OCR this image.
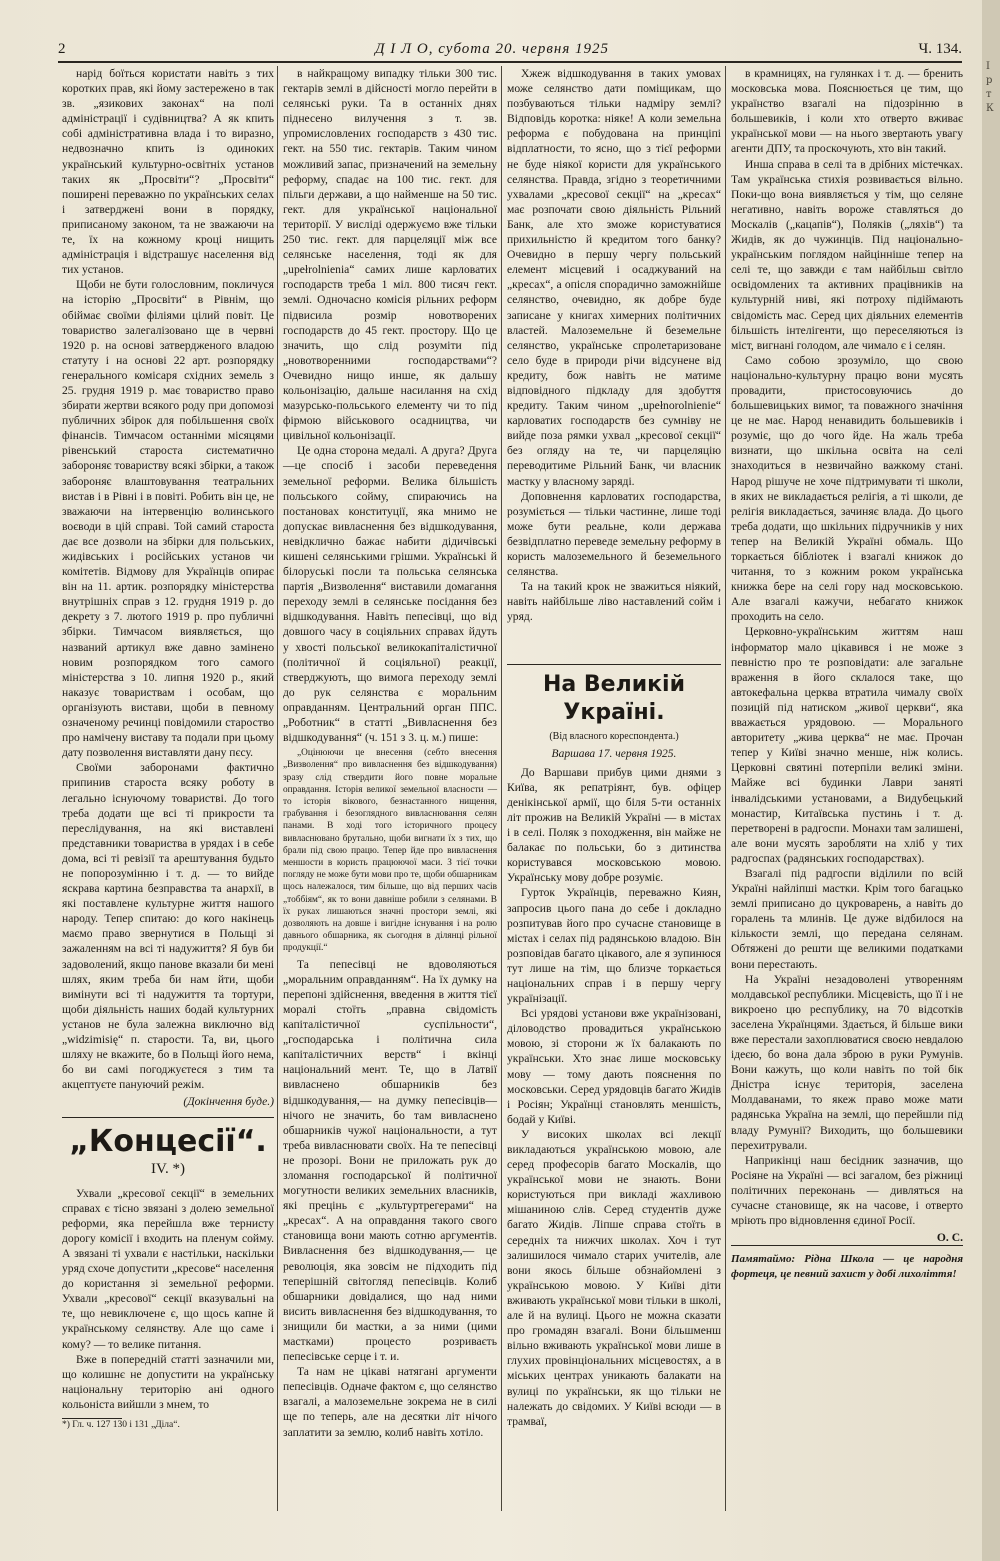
2	Д І Л О, субота 20. червня 1925	Ч. 134.
І р т К

нарід боїться користати навіть з тих коротких прав, які йому застережено в так зв. „язикових законах“ на полі адміністрації і судівництва? А як кпить собі адміністративна влада і то виразно, недвозначно кпить із одиноких український культурно-освітніх установ таких як „Просвіти“? „Просвіти“ поширені переважно по українських селах і затверджені вони в порядку, приписаному законом, та не зважаючи на те, їх на кожному кроці нищить адміністрація і відстрашує населення від тих установ.

Щоби не бути голословним, покличуся на історію „Просвіти“ в Рівнім, що обіймає своїми філіями цілий повіт. Це товариство залегалізовано ще в червні 1920 р. на основі затвердженого владою статуту і на основі 22 арт. розпорядку генерального комісаря східних земель з 25. грудня 1919 р. має товариство право збирати жертви всякого роду при допомозі публичних збірок для побільшення своїх фінансів. Тимчасом останніми місяцями рівенський староста систематично забороняє товариству всякі збірки, а також забороняє влаштовування театральних вистав і в Рівні і в повіті. Робить він це, не зважаючи на інтервенцію волинського воєводи в цій справі. Той самий староста дає все дозволи на збірки для польських, жидівських і російських установ чи комітетів. Відмову для Українців опирає він на 11. артик. розпорядку міністерства внутрішніх справ з 12. грудня 1919 р. до декрету з 7. лютого 1919 р. про публичні збірки. Тимчасом виявляється, що названий артикул вже давно замінено новим розпорядком того самого міністерства з 10. липня 1920 р., який наказує товариствам і особам, що організують вистави, щоби в певному означеному речинці повідомили староство про намічену виставу та подали при цьому дату позволення виставляти дану пєсу.

Своїми заборонами фактично припинив староста всяку роботу в легально існуючому товаристві. До того треба додати ще всі ті прикрости та переслідування, на які виставлені представники товариства в урядах і в себе дома, всі ті ревізії та арештування будьто не попорозумінню і т. д. — то вийде яскрава картина безправства та анархії, в які поставлене культурне життя нашого народу. Тепер спитаю: до кого накінець маємо право звернутися в Польщі зі зажаленням на всі ті надужиття? Я був би задоволений, якщо панове вказали би мені шлях, яким треба би нам йти, щоби вимінути всі ті надужиття та тортури, щоби діяльність наших бодай культурних установ не була залежна виключно від „widzimisię“ п. старости. Та, ви, цього шляху не вкажите, бо в Польщі його нема, бо ви самі погоджуєтеся з тим та акцептуєте пануючий режім.

(Докінчення буде.)

„Концесії“.
IV. *)

Ухвали „кресової секції“ в земельних справах є тісно звязані з долею земельної реформи, яка перейшла вже тернисту дорогу комісії і входить на пленум сойму. А звязані ті ухвали є настільки, наскільки уряд схоче допустити „кресове“ населення до користання зі земельної реформи. Ухвали „кресової“ секції вказувальні на те, що невиключене є, що щось капне й українському селянству. Але що саме і кому? — то велике питання.

Вже в попередній статті зазначили ми, що колишнє не допустити на українську національну територію ані одного кольоніста вийшли з мнем, то

*) Гл. ч. 127 130 і 131 „Діла“.

в найкращому випадку тільки 300 тис. гектарів землі в дійсності могло перейти в селянські руки. Та в останніх днях піднесено вилучення з т. зв. упромисловлених господарств з 430 тис. гект. на 550 тис. гектарів. Таким чином можливий запас, призначений на земельну реформу, спадає на 100 тис. гект. для пільги держави, а що найменше на 50 тис. гект. для української національної території. У висліді одержуємо вже тільки 250 тис. гект. для парцеляції між все селянське населення, тоді як для „upełrolnienia“ самих лише карловатих господарств треба 1 міл. 800 тисяч гект. землі. Одночасно комісія рільних реформ підвисила розмір новотворених господарств до 45 гект. простору. Що це значить, що слід розуміти під „новотворенними господарствами“? Очевидно нищо инше, як дальшу кольонізацію, дальше насилання на схід мазурсько-польського елементу чи то під фірмою військового осадництва, чи цивільної кольонізації.

Це одна сторона медалі. А друга? Друга—це спосіб і засоби переведення земельної реформи. Велика більшість польського сойму, спираючись на постановах конституції, яка мнимо не допускає вивласнення без відшкодування, невідклично бажає набити дідичівські кишені селянськими грішми. Українські й білоруські посли та польська селянська партія „Визволення“ виставили домагання переходу землі в селянське посідання без відшкодування. Навіть пепесівці, що від довшого часу в соціяльних справах йдуть у хвості польської великокапіталістичної (політичної й соціяльної) реакції, стверджують, що вимога переходу землі до рук селянства є моральним оправданням. Центральний орган ППС. „Роботник“ в статті „Вивласнення без відшкодування“ (ч. 151 з 3. ц. м.) пише:

„Оцінюючи це внесення (себто внесення „Визволення“ про вивласнення без відшкодування) зразу слід ствердити його повне моральне оправдання. Історія великої земельної власности — то історія вікового, безнастанного нищення, грабування і безоглядного вивласнювання селян панами. В ході того історичного процесу вивласнювано брутально, щоби вигнати їх з тих, що брали під свою працю. Тепер йде про вивласнення меншости в користь працюючої маси. З тієї точки погляду не може бути мови про те, щоби обшарникам щось належалося, тим більше, що від перших часів „тоббіям“, як то вони давніше робили з селянами. В їх руках лишаються значні простори землі, які дозволяють на довше і вигідне існування і на ролю давнього обшарника, як сьогодня в ділянці рільної продукції.“

Та пепесівці не вдоволяються „моральним оправданням“. На їх думку на перепоні здійснення, введення в життя тієї моралі стоїть „правна свідомість капіталістичної суспільности“, „господарська і політична сила капіталістичних верств“ і вкінці національний мент. Те, що в Латвії вивласнено обшарників без відшкодування,— на думку пепесівців—нічого не значить, бо там вивласнено обшарників чужої національности, а тут треба вивласнювати своїх. На те пепесівці не прозорі. Вони не приложать рук до зломання господарської й політичної могутности великих земельних власників, які прецінь є „культуртрегерами“ на „кресах“. А на оправдання такого свого становища вони мають сотню аргументів. Вивласнення без відшкодування,— це революція, яка зовсім не підходить під теперішній світогляд пепесівців. Колиб обшарники довідалися, що над ними висить вивласнення без відшкодування, то знищили би мастки, а за ними (цими мастками) процесто розриваєть пепесівське серце і т. и.

Та нам не цікаві натягані аргументи пепесівців. Одначе фактом є, що селянство взагалі, а малоземельне зокрема не в силі ще по теперь, але на десятки літ нічого заплатити за землю, колиб навіть хотіло.

Хжеж відшкодування в таких умовах може селянство дати поміщикам, що позбуваються тільки надміру землі? Відповідь коротка: ніяке! А коли земельна реформа є побудована на принціпі відплатности, то ясно, що з тієї реформи не буде ніякої користи для українського селянства. Правда, згідно з теоретичними ухвалами „кресової секції“ на „кресах“ має розпочати свою діяльність Рільний Банк, але хто зможе користуватися прихильністю й кредитом того банку? Очевидно в першу чергу польський елемент місцевий і осаджуваний на „кресах“, а опісля спорадично заможнійше селянство, очевидно, як добре буде записане у книгах химерних політичних властей. Малоземельне й беземельне селянство, українське спролетаризоване село буде в природи річи відсунене від кредиту, бож навіть не матиме відповідного підкладу для здобуття кредиту. Таким чином „upełnorolnienie“ карловатих господарств без сумніву не вийде поза рямки ухвал „кресової секції“ без огляду на те, чи парцеляцію переводитиме Рільний Банк, чи власник мастку у власному заряді.

Доповнення карловатих господарства, розуміється — тільки частинне, лише тоді може бути реальне, коли держава безвідплатно переведе земельну реформу в користь малоземельного й беземельного селянства.

Та на такий крок не зважиться ніякий, навіть найбільше ліво наставлений сойм і уряд.

На Великій Україні.
(Від власного кореспондента.)
Варшава 17. червня 1925.

До Варшави прибув цими днями з Київа, як репатріянт, був. офіцер денікінської армії, що біля 5-ти останніх літ прожив на Великій Україні — в містах і в селі. Поляк з походження, він майже не балакає по польськи, бо з дитинства користувався московською мовою. Українську мову добре розуміє.

Гурток Українців, переважно Киян, запросив цього пана до себе і докладно розпитував його про сучасне становище в містах і селах під радянською владою. Він розповідав багато цікавого, але я зупинюся тут лише на тім, що близче торкається національних справ і в першу чергу українізації.

Всі урядові установи вже українізовані, діловодство провадиться українською мовою, зі сторони ж їх балакають по українськи. Хто знає лише московську мову — тому дають пояснення по московськи. Серед урядовців багато Жидів і Росіян; Українці становлять меншість, бодай у Київі.

У високих школах всі лекції викладаються українською мовою, але серед професорів багато Москалів, що української мови не знають. Вони користуються при викладі жахливою мішаниною слів. Серед студентів дуже багато Жидів. Ліпше справа стоїть в середніх та нижчих школах. Хоч і тут залишилося чимало старих учителів, але вони якось більше обзнайомлені з українською мовою. У Київі діти вживають української мови тільки в школі, але й на вулиці. Цього не можна сказати про громадян взагалі. Вони більшменш вільно вживають української мови лише в глухих провінціональних місцевостях, а в міських центрах уникають балакати на вулиці по українськи, як що тільки не належать до свідомих. У Київі всюди — в трамваї,

в крамницях, на гулянках і т. д. — бренить московська мова. Пояснюється це тим, що українство взагалі на підозрінню в большевиків, і коли хто отверто вживає української мови — на нього звертають увагу агенти ДПУ, та проскочують, хто він такий.

Инша справа в селі та в дрібних містечках. Там українська стихія розвивається вільно. Поки-що вона виявляється у тім, що селяне негативно, навіть вороже ставляться до Москалів („кацапів“), Поляків („ляхів“) та Жидів, як до чужинців. Під національно-українським поглядом найцінніше тепер на селі те, що завжди є там найбільш світло освідомлених та активних працівників на культурній ниві, які потроху підіймають свідомість мас. Серед цих діяльних елементів більшість інтелігенти, що переселяються із міст, вигнані голодом, але чимало є і селян.

Само собою зрозуміло, що свою національно-культурну працю вони мусять провадити, пристосовуючись до большевицьких вимог, та поважного значіння це не має. Народ ненавидить большевиків і розуміє, що до чого йде. На жаль треба визнати, що шкільна освіта на селі знаходиться в незвичайно важкому стані. Народ рішуче не хоче підтримувати ті школи, в яких не викладається релігія, а ті школи, де релігія викладається, зачиняє влада. До цього треба додати, що шкільних підручників у них тепер на Великій Україні обмаль. Що торкається бібліотек і взагалі книжок до читання, то з кожним роком українська книжка бере на селі гору над московською. Але взагалі кажучи, небагато книжок проходить на село.

Церковно-українським життям наш інформатор мало цікавився і не може з певністю про те розповідати: але загальне враження в його склалося таке, що автокефальна церква втратила чималу своїх позицій під натиском „живої церкви“, яка вважається урядовою. — Морального авторитету „жива церква“ не має. Прочан тепер у Київі значно менше, ніж колись. Церковні святині потерпіли великі зміни. Майже всі будинки Лаври заняті інвалідськими установами, а Видубецький монастир, Китаївська пустинь і т. д. перетворені в радгоспи. Монахи там залишені, але вони мусять заробляти на хліб у тих радгоспах (радянських господарствах).

Взагалі під радгоспи віділили по всій Україні найліпші мастки. Крім того багацько землі приписано до цукроварень, а навіть до горалень та млинів. Це дуже відбилося на кількости землі, що передана селянам. Обтяжені до решти ще великими податками вони перестають.

На Україні незадоволені утворенням молдавської республики. Місцевість, що її і не викроено цю республику, на 70 відсотків заселена Українцями. Здається, й більше вики вже перестали захоплюватися своєю невдалою ідеєю, бо вона дала зброю в руки Румунів. Вони кажуть, що коли навіть по той бік Дністра існує територія, заселена Молдаванами, то якеж право може мати радянська Україна на землі, що перейшли під владу Румунії? Виходить, що большевики перехитрували.

Наприкінці наш бесідник зазначив, що Росіяне на Україні — всі загалом, без ріжниці політичних переконань — дивляться на сучасне становище, як на часове, і отверто мріють про відновлення єдиної Росії.

О. С.

Памятаймо: Рідна Школа — це народня фортеця, це певний захист у добі лихоліття!
